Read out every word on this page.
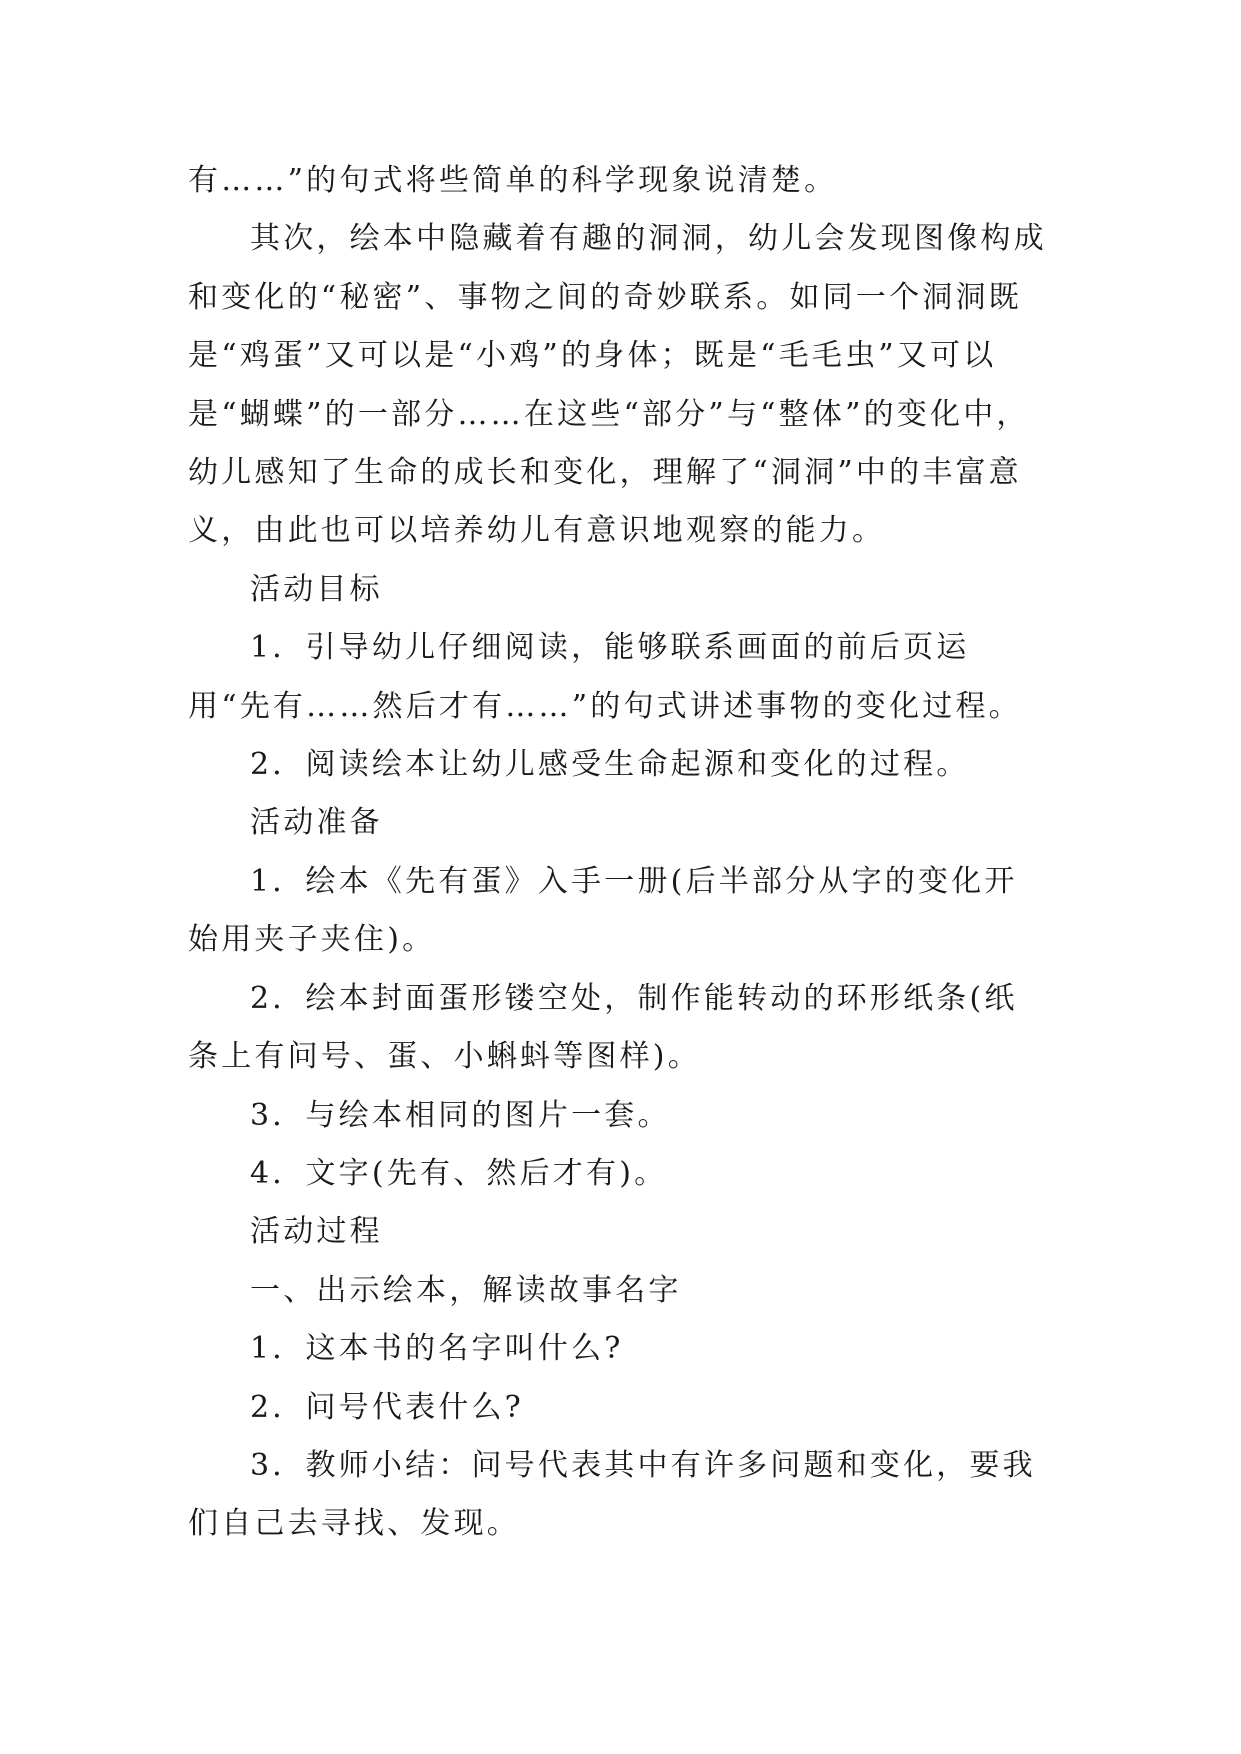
有……”的句式将些简单的科学现象说清楚。

其次，绘本中隐藏着有趣的洞洞，幼儿会发现图像构成和变化的“秘密”、事物之间的奇妙联系。如同一个洞洞既是“鸡蛋”又可以是“小鸡”的身体；既是“毛毛虫”又可以是“蝴蝶”的一部分……在这些“部分”与“整体”的变化中，幼儿感知了生命的成长和变化，理解了“洞洞”中的丰富意义，由此也可以培养幼儿有意识地观察的能力。

活动目标

1．引导幼儿仔细阅读，能够联系画面的前后页运用“先有……然后才有……”的句式讲述事物的变化过程。

2．阅读绘本让幼儿感受生命起源和变化的过程。

活动准备

1．绘本《先有蛋》入手一册(后半部分从字的变化开始用夹子夹住)。

2．绘本封面蛋形镂空处，制作能转动的环形纸条(纸条上有问号、蛋、小蝌蚪等图样)。

3．与绘本相同的图片一套。

4．文字(先有、然后才有)。

活动过程

一、出示绘本，解读故事名字

1．这本书的名字叫什么?

2．问号代表什么?

3．教师小结：问号代表其中有许多问题和变化，要我们自己去寻找、发现。
